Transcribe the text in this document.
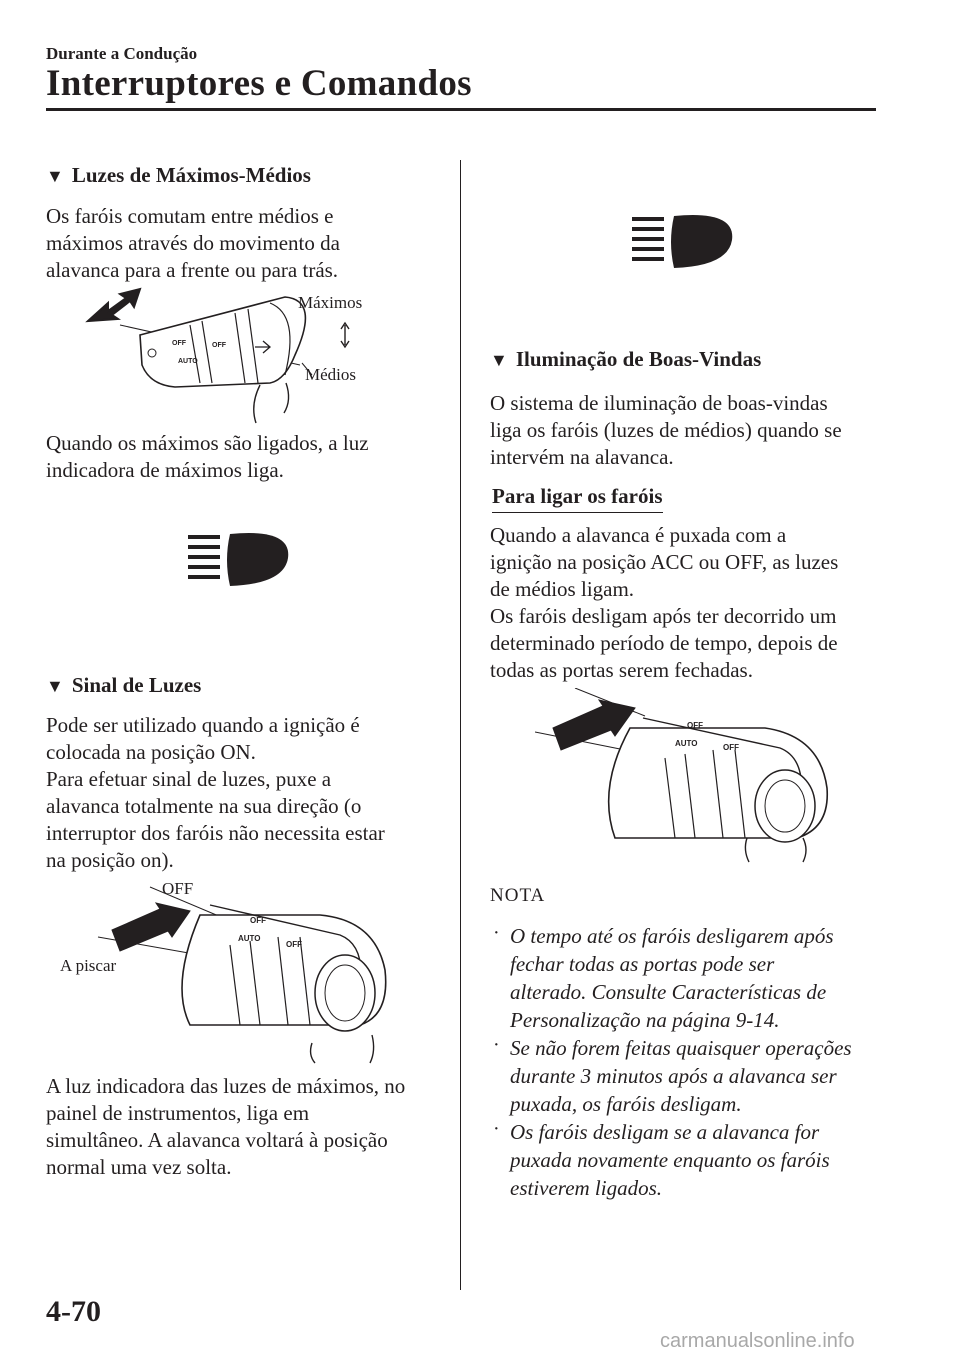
Durante a Condução
Interruptores e Comandos
▼ Luzes de Máximos-Médios
Os faróis comutam entre médios e
máximos através do movimento da
alavanca para a frente ou para trás.
OFF
AUTO
OFF
Máximos
Médios
Quando os máximos são ligados, a luz
indicadora de máximos liga.
▼ Sinal de Luzes
Pode ser utilizado quando a ignição é
colocada na posição ON.
Para efetuar sinal de luzes, puxe a
alavanca totalmente na sua direção (o
interruptor dos faróis não necessita estar
na posição on).
OFF
AUTO
OFF
OFF
A piscar
A luz indicadora das luzes de máximos, no
painel de instrumentos, liga em
simultâneo. A alavanca voltará à posição
normal uma vez solta.
▼ Iluminação de Boas-Vindas
O sistema de iluminação de boas-vindas
liga os faróis (luzes de médios) quando se
intervém na alavanca.
Para ligar os faróis
Quando a alavanca é puxada com a
ignição na posição ACC ou OFF, as luzes
de médios ligam.
Os faróis desligam após ter decorrido um
determinado período de tempo, depois de
todas as portas serem fechadas.
OFF
AUTO	OFF
NOTA
· O tempo até os faróis desligarem após
fechar todas as portas pode ser
alterado. Consulte Características de
Personalização na página 9-14.
· Se não forem feitas quaisquer operações
durante 3 minutos após a alavanca ser
puxada, os faróis desligam.
· Os faróis desligam se a alavanca for
puxada novamente enquanto os faróis
estiverem ligados.
4-70
carmanualsonline.info
